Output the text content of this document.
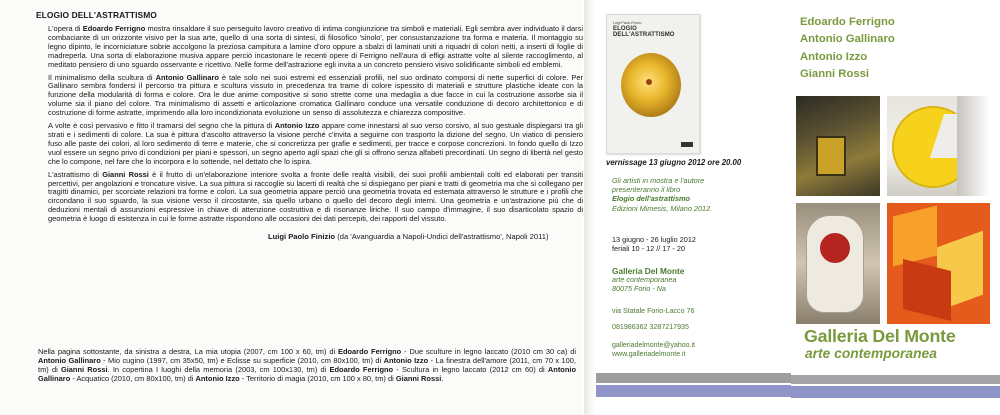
ELOGIO DELL'ASTRATTISMO

L'opera di Edoardo Ferrigno mostra rinsaldare il suo perseguito lavoro creativo di intima congiunzione tra simboli e materiali. Egli sembra aver individuato il darsi combaciante di un orizzonte visivo per la sua arte, quello di una sorta di sintesi, di filosofico 'sinolo', per consustanzazione tra forma e materia. Il montaggio su legno dipinto, le incorniciature sobrie accolgono la preziosa campitura a lamine d'oro oppure a sbalzi di laminati uniti a riquadri di colori netti, a inserti di foglie di madreperla. Una sorta di elaborazione musiva appare perciò incastonare le recenti opere di Ferrigno nell'aura di effigi astratte volte al silente raccoglimento, al meditato pensiero di uno sguardo osservante e ricettivo. Nelle forme dell'astrazione egli invita a un concreto pensiero visivo solidificante simboli ed emblemi.

Il minimalismo della scultura di Antonio Gallinaro è tale solo nei suoi estremi ed essenziali profili, nel suo ordinato comporsi di nette superfici di colore. Per Gallinaro sembra fondersi il percorso tra pittura e scultura vissuto in precedenza tra trame di colore ispessito di materiali e strutture plastiche ideate con la funzione della modularità di forma e colore. Ora le due anime compositive si sono strette come una medaglia a due facce in cui la costruzione assorbe sia il volume sia il piano del colore. Tra minimalismo di assetti e articolazione cromatica Gallinaro conduce una versatile conduzione di decoro architettonico e di costruzione di forme astratte, imprimendo alla loro incondizionata evoluzione un senso di assolutezza e chiarezza compositive.

A volte è così pervasivo e fitto il tramarsi del segno che la pittura di Antonio Izzo appare come innestarsi al suo verso corsivo, al suo gestuale dispiegarsi tra gli strati e i sedimenti di colore. La sua è pittura d'ascolto attraverso la visione perché c'invita a seguirne con trasporto la dizione del segno. Un viatico di pensiero fuso alle paste dei colori, al loro sedimento di terre e materie, che si concretizza per grafie e sedimenti, per tracce e corpose concrezioni. In fondo quello di Izzo vuol essere un segno privo di condizioni per piani e spessori, un segno aperto agli spazi che gli si offrono senza alfabeti precordinati. Un segno di libertà nel gesto che lo compone, nel fare che lo incorpora e lo sottende, nel dettato che lo ispira.

L'astrattismo di Gianni Rossi è il frutto di un'elaborazione interiore svolta a fronte delle realtà visibili, dei suoi profili ambientali colti ed elaborati per transiti percettivi, per angolazioni e troncature visive. La sua pittura si raccoglie su lacerti di realtà che si dispiegano per piani e tratti di geometria ma che si collegano per tragitti dinamici, per scorciate relazioni tra forme e colori. La sua geometria appare perciò una geometria trovata ed estemata attraverso le strutture e i profili che circondano il suo sguardo, la sua visione verso il circostante, sia quello urbano o quello del decoro degli interni. Una geometria e un'astrazione più che di deduzioni mentali di assunzioni espressive in chiave di attenzione costruttiva e di risonanze liriche. Il suo campo d'immagine, il suo disarticolato spazio di geometria è luogo di esistenza in cui le forme astratte rispondono alle occasioni dei dati percepiti, dei rapporti del vissuto.

Luigi Paolo Finizio (da 'Avanguardia a Napoli-Undici dell'astrattismo', Napoli 2011)
Nella pagina sottostante, da sinistra a destra, La mia utopia (2007, cm 100 x 60, tm) di Edoardo Ferrigno - Due sculture in legno laccato (2010 cm 30 ca) di Antonio Gallinaro - Mio cugino (1997, cm 35x50, tm) e Eclisse su superficie (2010, cm 80x100, tm) di Antonio Izzo - La finestra dell'amore (2011, cm 70 x 100, tm) di Gianni Rossi. In copertina I luoghi della memoria (2003, cm 100x130, tm) di Edoardo Ferrigno - Scultura in legno laccato (2012 cm 60) di Antonio Gallinaro - Acquatico (2010, cm 80x100, tm) di Antonio Izzo - Territorio di magia (2010, cm 100 x 80, tm) di Gianni Rossi.
Luigi Paolo Finizio
ELOGIO DELL'ASTRATTISMO
vernissage 13 giugno 2012 ore 20.00
Gli artisti in mostra e l'autore
presenteranno il libro
Elogio dell'astrattismo
Edizioni Mimesis, Milano 2012.
13 giugno - 26 luglio 2012
feriali 10 - 12 // 17 - 20
Galleria Del Monte
arte contemporanea
80075 Forio - Na
via Statale Forio-Lacco 76
081986362 3287217935
galleriadelmonte@yahoo.it
www.galleriadelmonte.it
Edoardo Ferrigno
Antonio Gallinaro
Antonio Izzo
Gianni Rossi
Galleria Del Monte
arte contemporanea
